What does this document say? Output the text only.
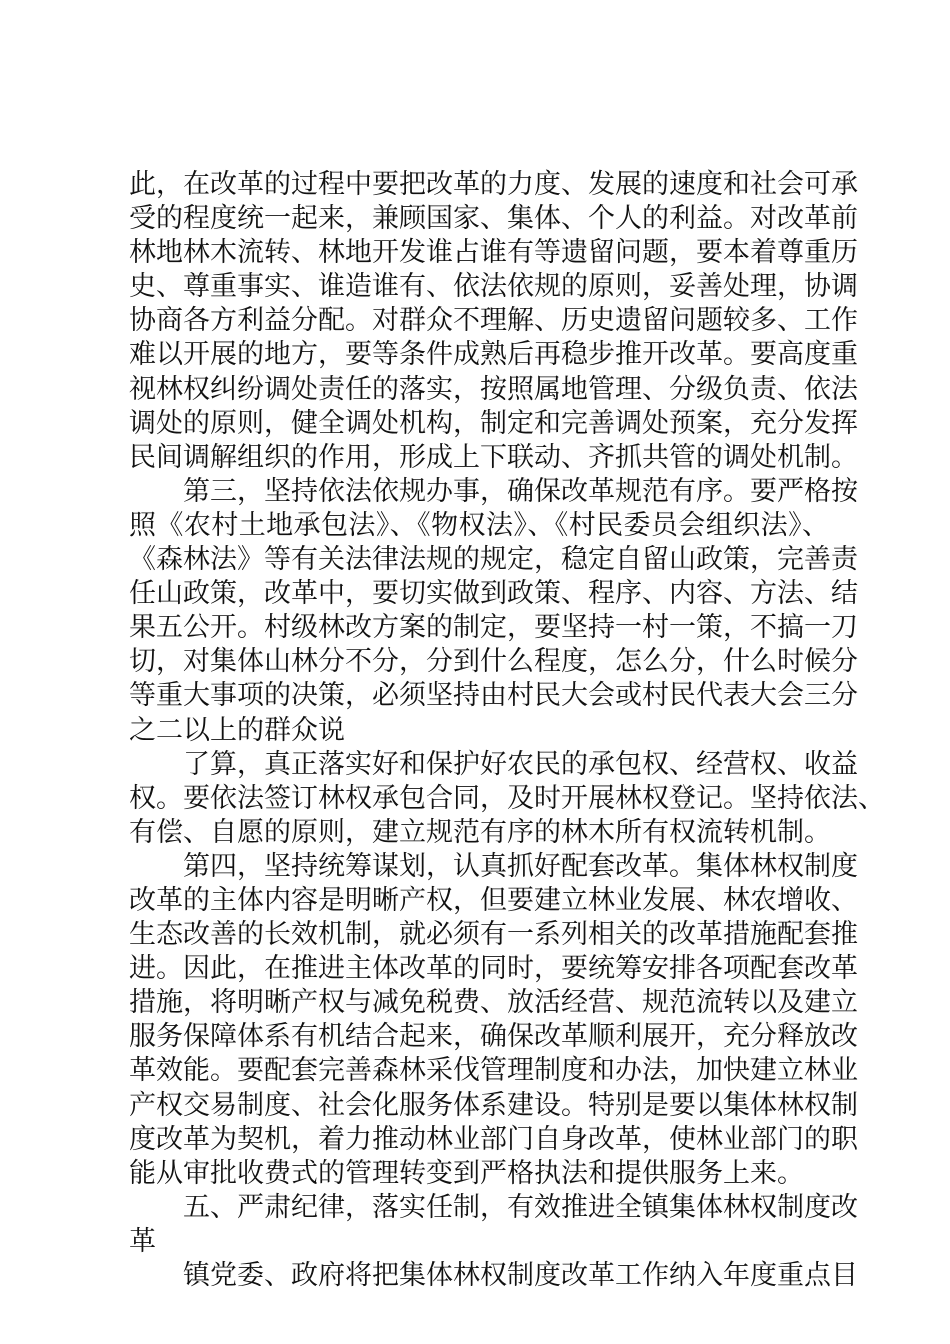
此，在改革的过程中要把改革的力度、发展的速度和社会可承
受的程度统一起来，兼顾国家、集体、个人的利益。对改革前
林地林木流转、林地开发谁占谁有等遗留问题，要本着尊重历
史、尊重事实、谁造谁有、依法依规的原则，妥善处理，协调
协商各方利益分配。对群众不理解、历史遗留问题较多、工作
难以开展的地方，要等条件成熟后再稳步推开改革。要高度重
视林权纠纷调处责任的落实，按照属地管理、分级负责、依法
调处的原则，健全调处机构，制定和完善调处预案，充分发挥
民间调解组织的作用，形成上下联动、齐抓共管的调处机制。
第三，坚持依法依规办事，确保改革规范有序。要严格按
照《农村土地承包法》、《物权法》、《村民委员会组织法》、
《森林法》等有关法律法规的规定，稳定自留山政策，完善责
任山政策，改革中，要切实做到政策、程序、内容、方法、结
果五公开。村级林改方案的制定，要坚持一村一策，不搞一刀
切，对集体山林分不分，分到什么程度，怎么分，什么时候分
等重大事项的决策，必须坚持由村民大会或村民代表大会三分
之二以上的群众说
了算，真正落实好和保护好农民的承包权、经营权、收益
权。要依法签订林权承包合同，及时开展林权登记。坚持依法、
有偿、自愿的原则，建立规范有序的林木所有权流转机制。
第四，坚持统筹谋划，认真抓好配套改革。集体林权制度
改革的主体内容是明晰产权，但要建立林业发展、林农增收、
生态改善的长效机制，就必须有一系列相关的改革措施配套推
进。因此，在推进主体改革的同时，要统筹安排各项配套改革
措施，将明晰产权与减免税费、放活经营、规范流转以及建立
服务保障体系有机结合起来，确保改革顺利展开，充分释放改
革效能。要配套完善森林采伐管理制度和办法，加快建立林业
产权交易制度、社会化服务体系建设。特别是要以集体林权制
度改革为契机，着力推动林业部门自身改革，使林业部门的职
能从审批收费式的管理转变到严格执法和提供服务上来。
五、严肃纪律，落实任制，有效推进全镇集体林权制度改
革
镇党委、政府将把集体林权制度改革工作纳入年度重点目
